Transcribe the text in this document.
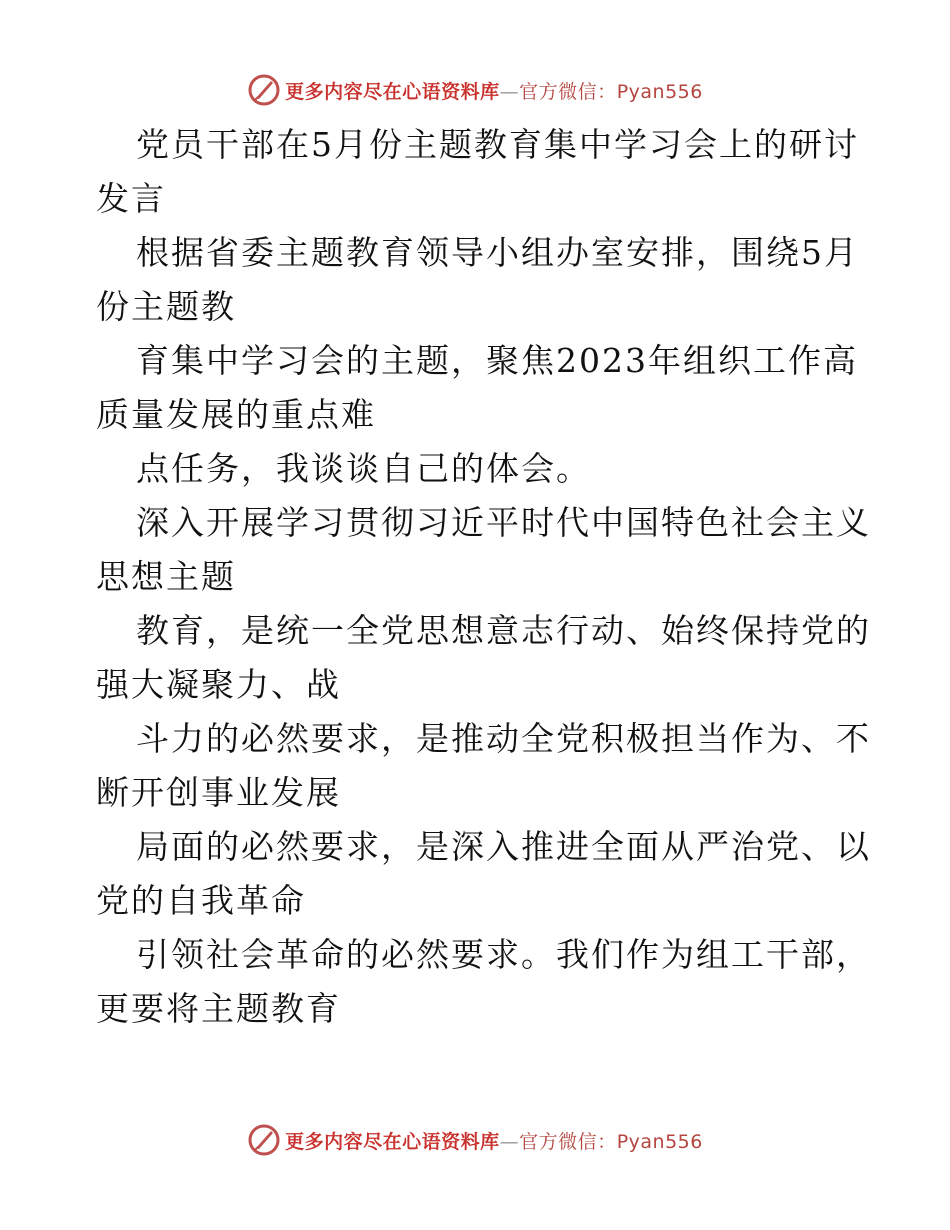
更多内容尽在心语资料库—官方微信：Pyan556
党员干部在5月份主题教育集中学习会上的研讨
发言
根据省委主题教育领导小组办室安排，围绕5月
份主题教
育集中学习会的主题，聚焦2023年组织工作高
质量发展的重点难
点任务，我谈谈自己的体会。
深入开展学习贯彻习近平时代中国特色社会主义
思想主题
教育，是统一全党思想意志行动、始终保持党的
强大凝聚力、战
斗力的必然要求，是推动全党积极担当作为、不
断开创事业发展
局面的必然要求，是深入推进全面从严治党、以
党的自我革命
引领社会革命的必然要求。我们作为组工干部，
更要将主题教育
更多内容尽在心语资料库—官方微信：Pyan556
